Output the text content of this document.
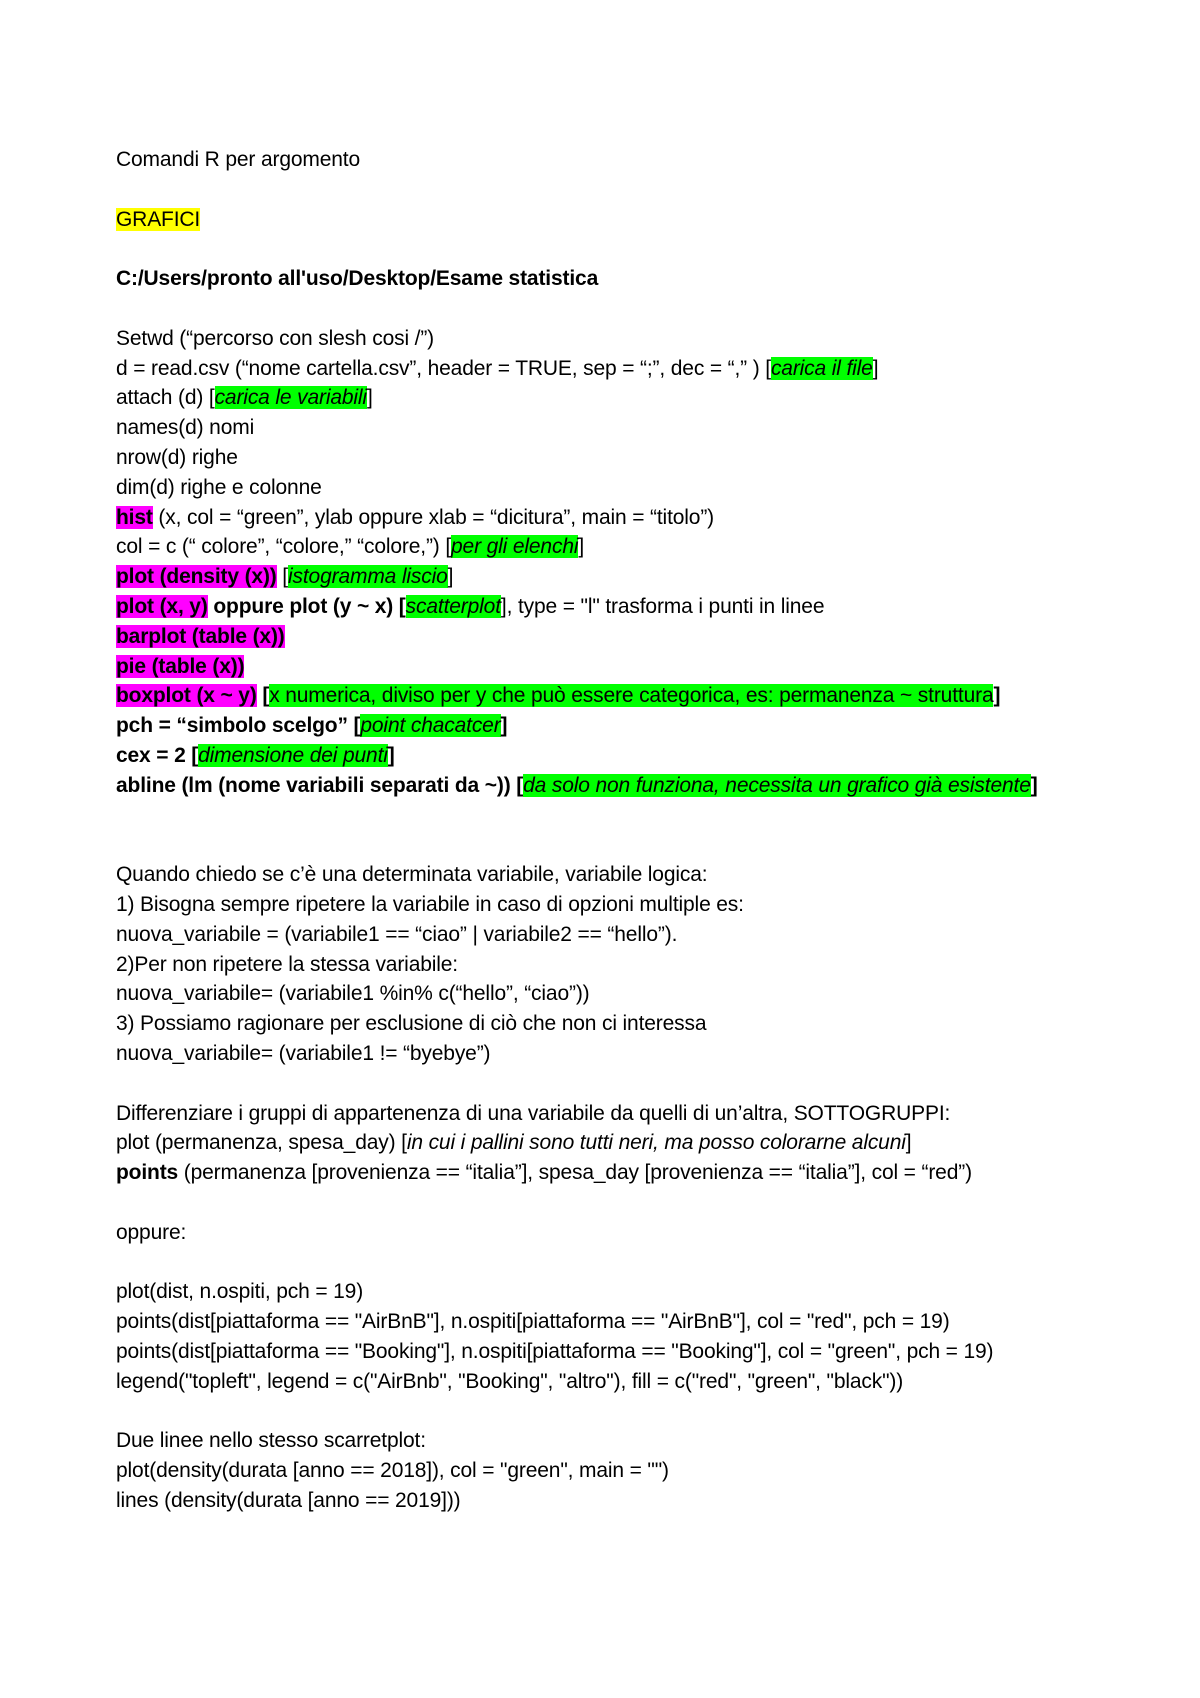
Comandi R per argomento
GRAFICI
C:/Users/pronto all'uso/Desktop/Esame statistica
Setwd (“percorso con slesh cosi /”)
d = read.csv (“nome cartella.csv”, header = TRUE, sep = “;”, dec = “,” ) [carica il file]
attach (d) [carica le variabili]
names(d) nomi
nrow(d) righe
dim(d) righe e colonne
hist (x, col = “green”, ylab oppure xlab = “dicitura”, main = “titolo”)
col = c (“ colore”, “colore,” “colore,”) [per gli elenchi]
plot (density (x)) [istogramma liscio]
plot (x, y) oppure plot (y ~ x) [scatterplot], type = "l" trasforma i punti in linee
barplot (table (x))
pie (table (x))
boxplot (x ~ y) [x numerica, diviso per y che può essere categorica, es: permanenza ~ struttura]
pch = “simbolo scelgo” [point chacatcer]
cex = 2 [dimensione dei punti]
abline (lm (nome variabili separati da ~)) [da solo non funziona, necessita un grafico già esistente]
Quando chiedo se c’è una determinata variabile, variabile logica:
1) Bisogna sempre ripetere la variabile in caso di opzioni multiple es:
nuova_variabile = (variabile1 == “ciao” | variabile2 == “hello”).
2)Per non ripetere la stessa variabile:
nuova_variabile= (variabile1 %in% c(“hello”, “ciao”))
3) Possiamo ragionare per esclusione di ciò che non ci interessa
nuova_variabile= (variabile1 != “byebye”)
Differenziare i gruppi di appartenenza di una variabile da quelli di un’altra, SOTTOGRUPPI:
plot (permanenza, spesa_day) [in cui i pallini sono tutti neri, ma posso colorarne alcuni]
points (permanenza [provenienza == “italia”], spesa_day [provenienza == “italia”], col = “red”)
oppure:
plot(dist, n.ospiti, pch = 19)
points(dist[piattaforma == "AirBnB"], n.ospiti[piattaforma == "AirBnB"], col = "red", pch = 19)
points(dist[piattaforma == "Booking"], n.ospiti[piattaforma == "Booking"], col = "green", pch = 19)
legend("topleft", legend = c("AirBnb", "Booking", "altro"), fill = c("red", "green", "black"))
Due linee nello stesso scarretplot:
plot(density(durata [anno == 2018]), col = "green", main = "")
lines (density(durata [anno == 2019]))
